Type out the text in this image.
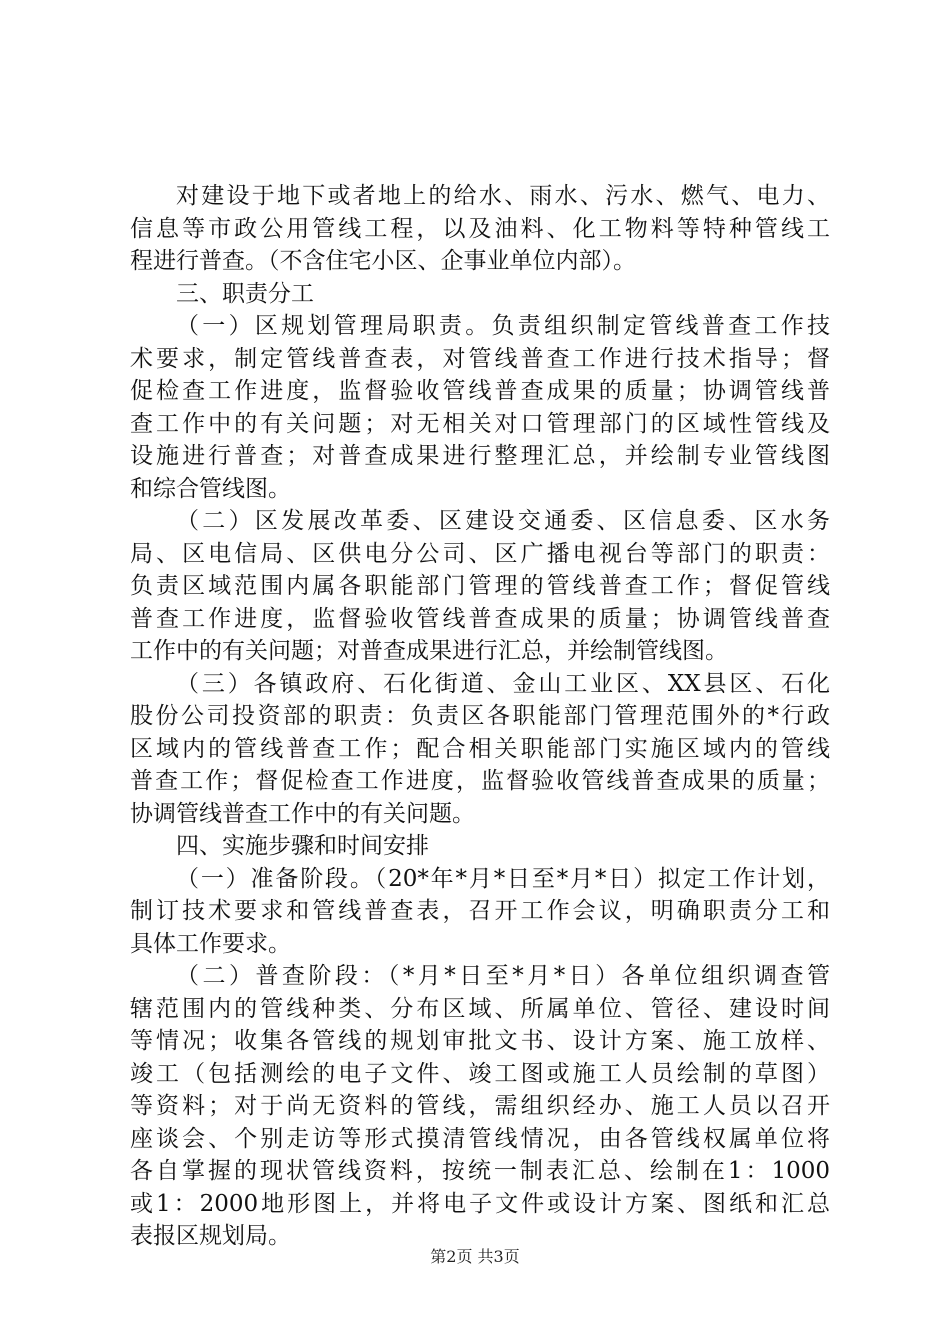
对建设于地下或者地上的给水、雨水、污水、燃气、电力、
信息等市政公用管线工程，以及油料、化工物料等特种管线工
程进行普查。（不含住宅小区、企事业单位内部）。
三、职责分工
（一）区规划管理局职责。负责组织制定管线普查工作技
术要求，制定管线普查表，对管线普查工作进行技术指导；督
促检查工作进度，监督验收管线普查成果的质量；协调管线普
查工作中的有关问题；对无相关对口管理部门的区域性管线及
设施进行普查；对普查成果进行整理汇总，并绘制专业管线图
和综合管线图。
（二）区发展改革委、区建设交通委、区信息委、区水务
局、区电信局、区供电分公司、区广播电视台等部门的职责：
负责区域范围内属各职能部门管理的管线普查工作；督促管线
普查工作进度，监督验收管线普查成果的质量；协调管线普查
工作中的有关问题；对普查成果进行汇总，并绘制管线图。
（三）各镇政府、石化街道、金山工业区、XX县区、石化
股份公司投资部的职责：负责区各职能部门管理范围外的*行政
区域内的管线普查工作；配合相关职能部门实施区域内的管线
普查工作；督促检查工作进度，监督验收管线普查成果的质量；
协调管线普查工作中的有关问题。
四、实施步骤和时间安排
（一）准备阶段。（20*年*月*日至*月*日）拟定工作计划，
制订技术要求和管线普查表，召开工作会议，明确职责分工和
具体工作要求。
（二）普查阶段：（*月*日至*月*日）各单位组织调查管
辖范围内的管线种类、分布区域、所属单位、管径、建设时间
等情况；收集各管线的规划审批文书、设计方案、施工放样、
竣工（包括测绘的电子文件、竣工图或施工人员绘制的草图）
等资料；对于尚无资料的管线，需组织经办、施工人员以召开
座谈会、个别走访等形式摸清管线情况，由各管线权属单位将
各自掌握的现状管线资料，按统一制表汇总、绘制在1：1000
或1：2000地形图上，并将电子文件或设计方案、图纸和汇总
表报区规划局。
第2页 共3页
